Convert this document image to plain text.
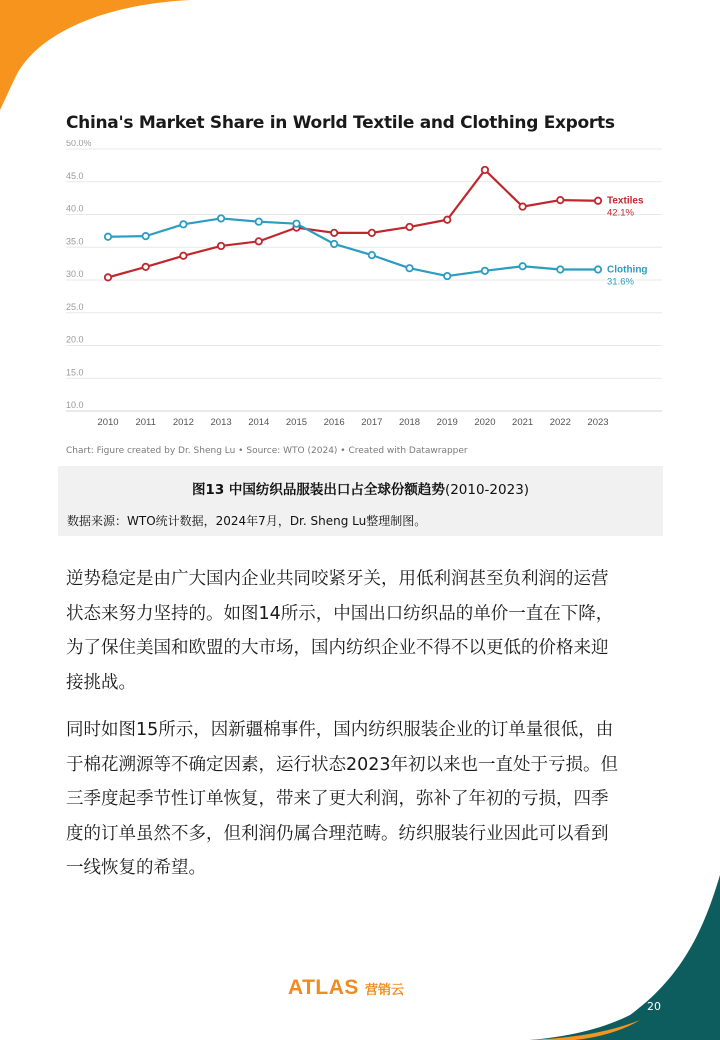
China's Market Share in World Textile and Clothing Exports
10.0
15.0
20.0
25.0
30.0
35.0
40.0
45.0
50.0%
2010 2011 2012 2013 2014 2015 2016 2017 2018 2019 2020 2021 2022 2023
Textiles
42.1%
Clothing
31.6%
Chart: Figure created by Dr. Sheng Lu • Source: WTO (2024) • Created with Datawrapper
图13 中国纺织品服装出口占全球份额趋势(2010-2023)
数据来源：WTO统计数据，2024年7月，Dr. Sheng Lu整理制图。
逆势稳定是由广大国内企业共同咬紧牙关，用低利润甚至负利润的运营
状态来努力坚持的。如图14所示，中国出口纺织品的单价一直在下降，
为了保住美国和欧盟的大市场，国内纺织企业不得不以更低的价格来迎
接挑战。
同时如图15所示，因新疆棉事件，国内纺织服装企业的订单量很低，由
于棉花溯源等不确定因素，运行状态2023年初以来也一直处于亏损。但
三季度起季节性订单恢复，带来了更大利润，弥补了年初的亏损，四季
度的订单虽然不多，但利润仍属合理范畴。纺织服装行业因此可以看到
一线恢复的希望。
ATLAS 营销云
20
